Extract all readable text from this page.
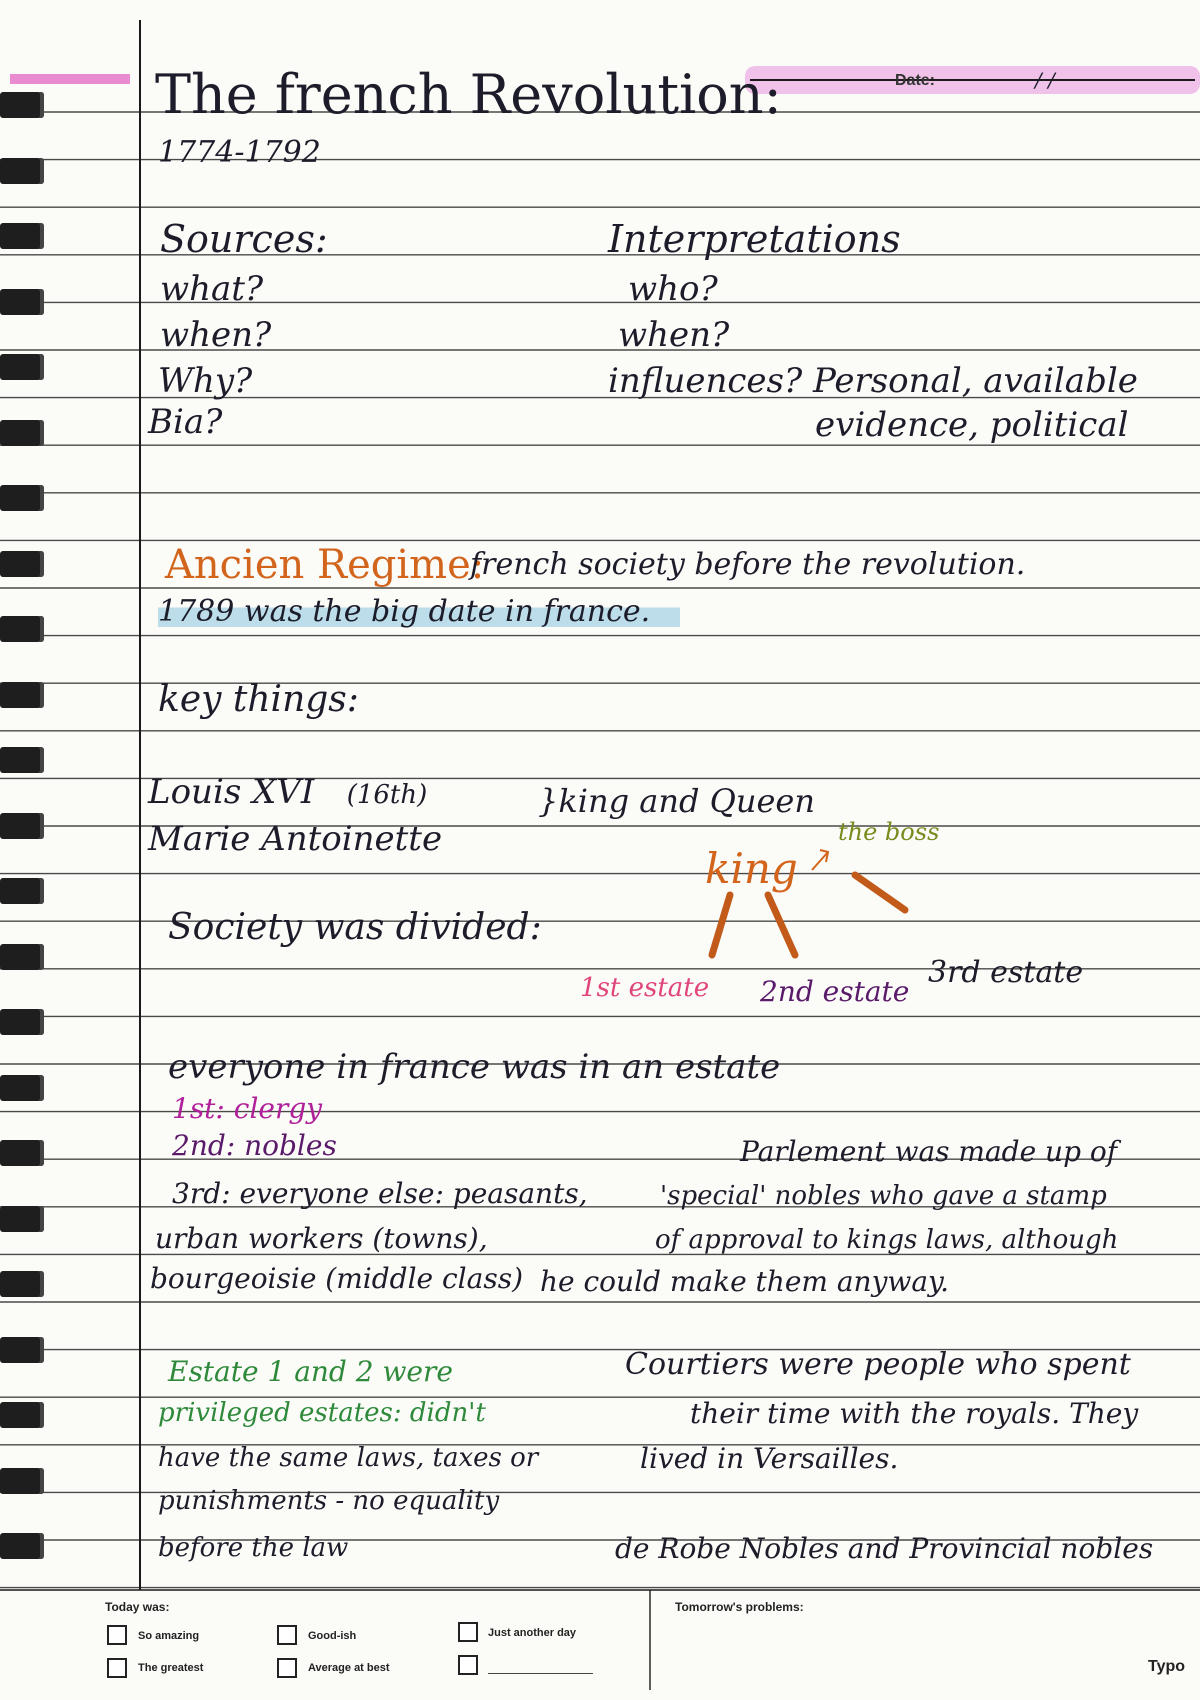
The french Revolution:	Date:	/ /
1774-1792
Sources:
what?
when?
Why?
Bia?
Interpretations
who?
when?
influences? Personal, available
evidence, political
Ancien Regime:
french society before the revolution.
1789 was the big date in france.
key things:
Louis XVI (16th)
Marie Antoinette
}king and Queen
the boss
king
Society was divided:
1st estate 2nd estate
3rd estate
everyone in france was in an estate
1st: clergy
2nd: nobles
3rd: everyone else: peasants,
urban workers (towns),
bourgeoisie (middle class)
Parlement was made up of
'special' nobles who gave a stamp
of approval to kings laws, although
he could make them anyway.
Estate 1 and 2 were
privileged estates: didn't
have the same laws, taxes or
punishments - no equality
before the law
Courtiers were people who spent
their time with the royals. They
lived in Versailles.
de Robe Nobles and Provincial nobles
Today was:
So amazing
The greatest
Good-ish
Average at best
Just another day
Tomorrow's problems:
Typo
